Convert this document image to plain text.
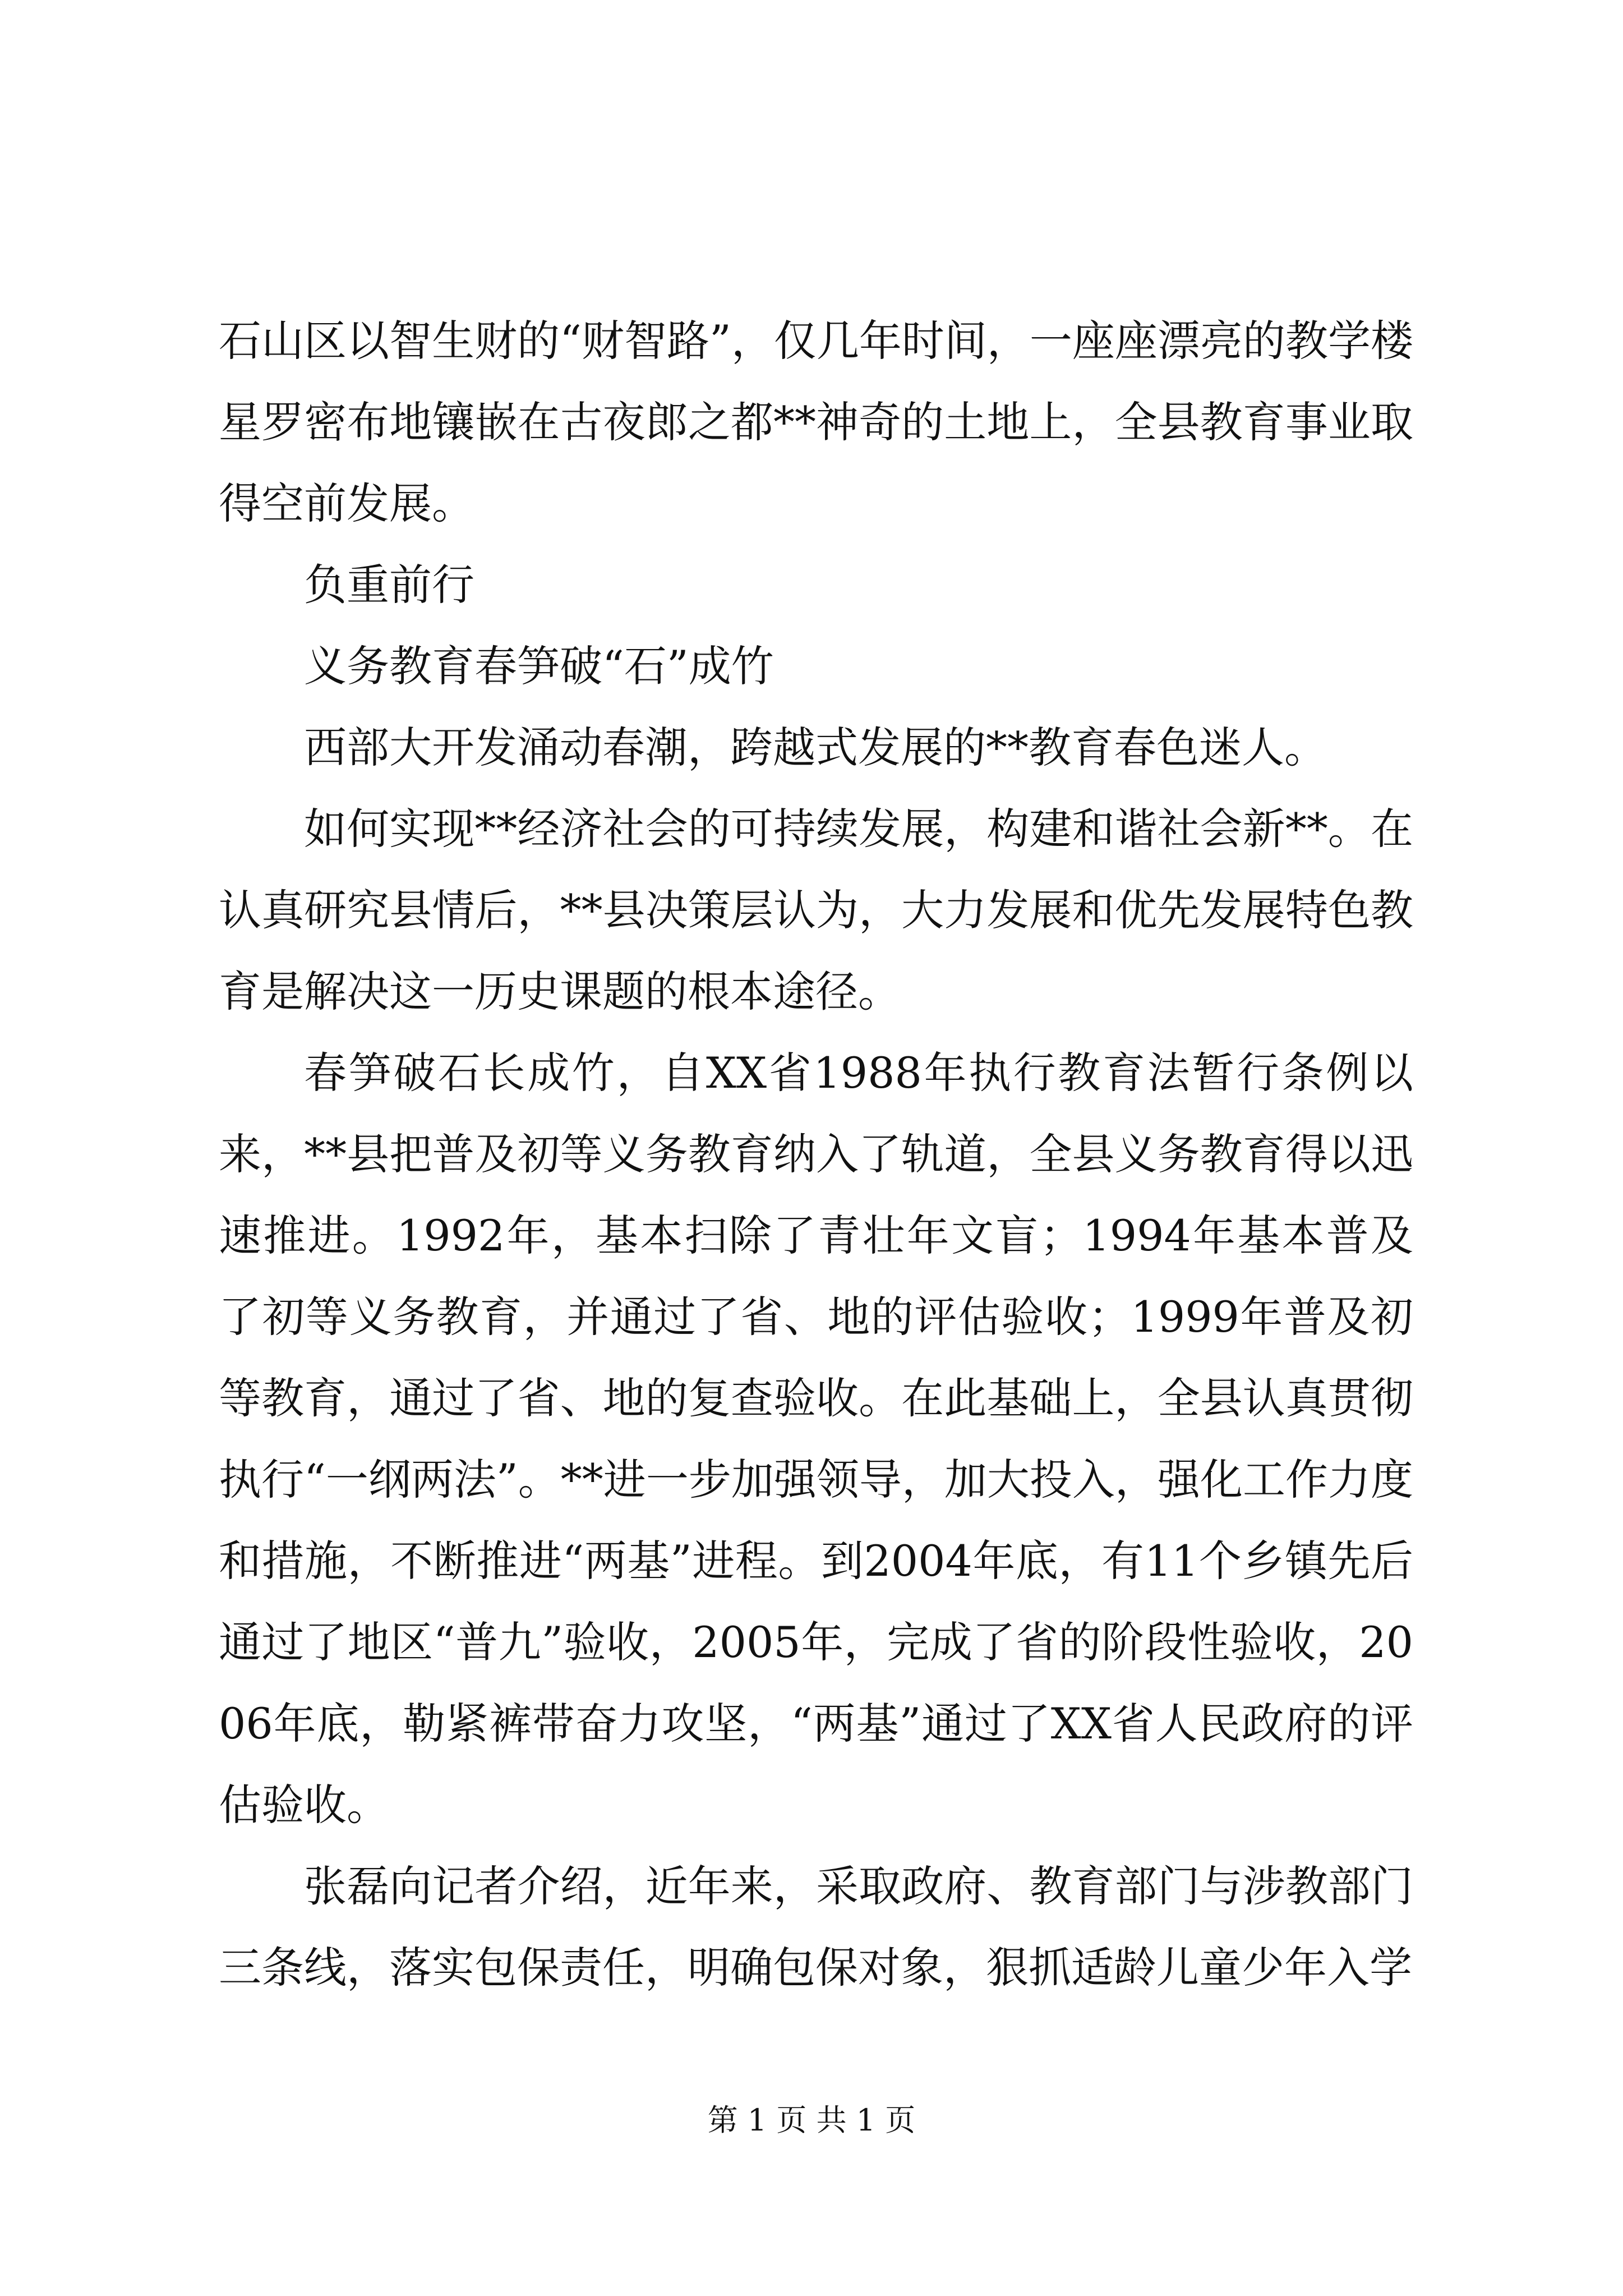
石山区以智生财的“财智路”，仅几年时间，一座座漂亮的教学楼星罗密布地镶嵌在古夜郎之都**神奇的土地上，全县教育事业取得空前发展。

负重前行

义务教育春笋破“石”成竹

西部大开发涌动春潮，跨越式发展的**教育春色迷人。

如何实现**经济社会的可持续发展，构建和谐社会新**。在认真研究县情后，**县决策层认为，大力发展和优先发展特色教育是解决这一历史课题的根本途径。

春笋破石长成竹，自XX省1988年执行教育法暂行条例以来，**县把普及初等义务教育纳入了轨道，全县义务教育得以迅速推进。1992年，基本扫除了青壮年文盲；1994年基本普及了初等义务教育，并通过了省、地的评估验收；1999年普及初等教育，通过了省、地的复查验收。在此基础上，全县认真贯彻执行“一纲两法”。**进一步加强领导，加大投入，强化工作力度和措施，不断推进“两基”进程。到2004年底，有11个乡镇先后通过了地区“普九”验收，2005年，完成了省的阶段性验收，2006年底，勒紧裤带奋力攻坚，“两基”通过了XX省人民政府的评估验收。

张磊向记者介绍，近年来，采取政府、教育部门与涉教部门三条线，落实包保责任，明确包保对象，狠抓适龄儿童少年入学

第 1 页 共 1 页
